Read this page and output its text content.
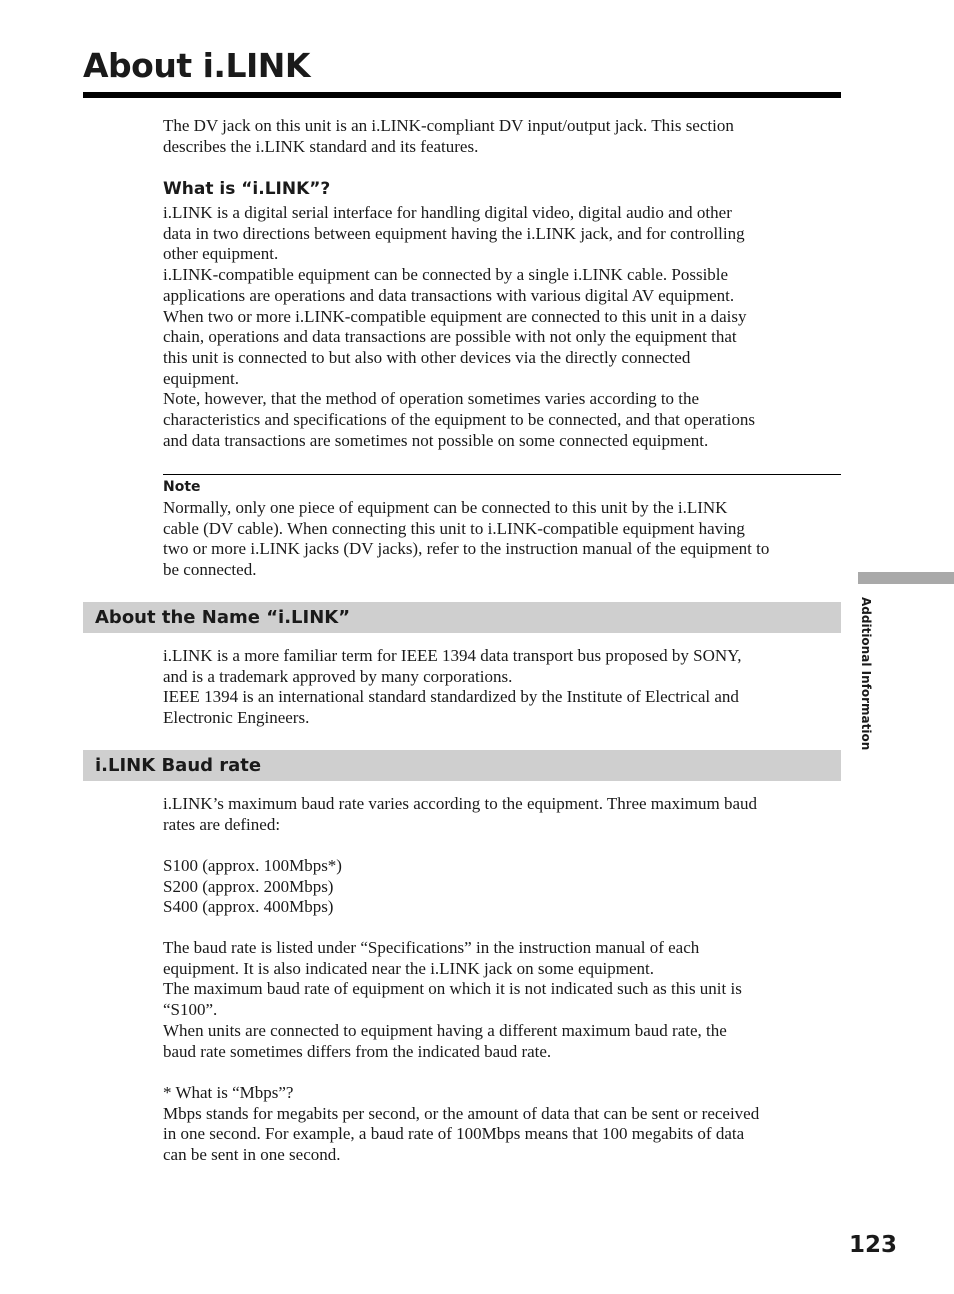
About i.LINK

The DV jack on this unit is an i.LINK-compliant DV input/output jack. This section

describes the i.LINK standard and its features.

What is “i.LINK”?

i.LINK is a digital serial interface for handling digital video, digital audio and other

data in two directions between equipment having the i.LINK jack, and for controlling

other equipment.

i.LINK-compatible equipment can be connected by a single i.LINK cable. Possible

applications are operations and data transactions with various digital AV equipment.

When two or more i.LINK-compatible equipment are connected to this unit in a daisy

chain, operations and data transactions are possible with not only the equipment that

this unit is connected to but also with other devices via the directly connected

equipment.

Note, however, that the method of operation sometimes varies according to the

characteristics and specifications of the equipment to be connected, and that operations

and data transactions are sometimes not possible on some connected equipment.

Note

Normally, only one piece of equipment can be connected to this unit by the i.LINK

cable (DV cable). When connecting this unit to i.LINK-compatible equipment having

two or more i.LINK jacks (DV jacks), refer to the instruction manual of the equipment to

be connected.

About the Name “i.LINK”

i.LINK is a more familiar term for IEEE 1394 data transport bus proposed by SONY,

and is a trademark approved by many corporations.

IEEE 1394 is an international standard standardized by the Institute of Electrical and

Electronic Engineers.

i.LINK Baud rate

i.LINK’s maximum baud rate varies according to the equipment. Three maximum baud

rates are defined:

S100 (approx. 100Mbps*)

S200 (approx. 200Mbps)

S400 (approx. 400Mbps)

The baud rate is listed under “Specifications” in the instruction manual of each

equipment. It is also indicated near the i.LINK jack on some equipment.

The maximum baud rate of equipment on which it is not indicated such as this unit is

“S100”.

When units are connected to equipment having a different maximum baud rate, the

baud rate sometimes differs from the indicated baud rate.

* What is “Mbps”?

Mbps stands for megabits per second, or the amount of data that can be sent or received

in one second. For example, a baud rate of 100Mbps means that 100 megabits of data

can be sent in one second.

Additional Information
123
